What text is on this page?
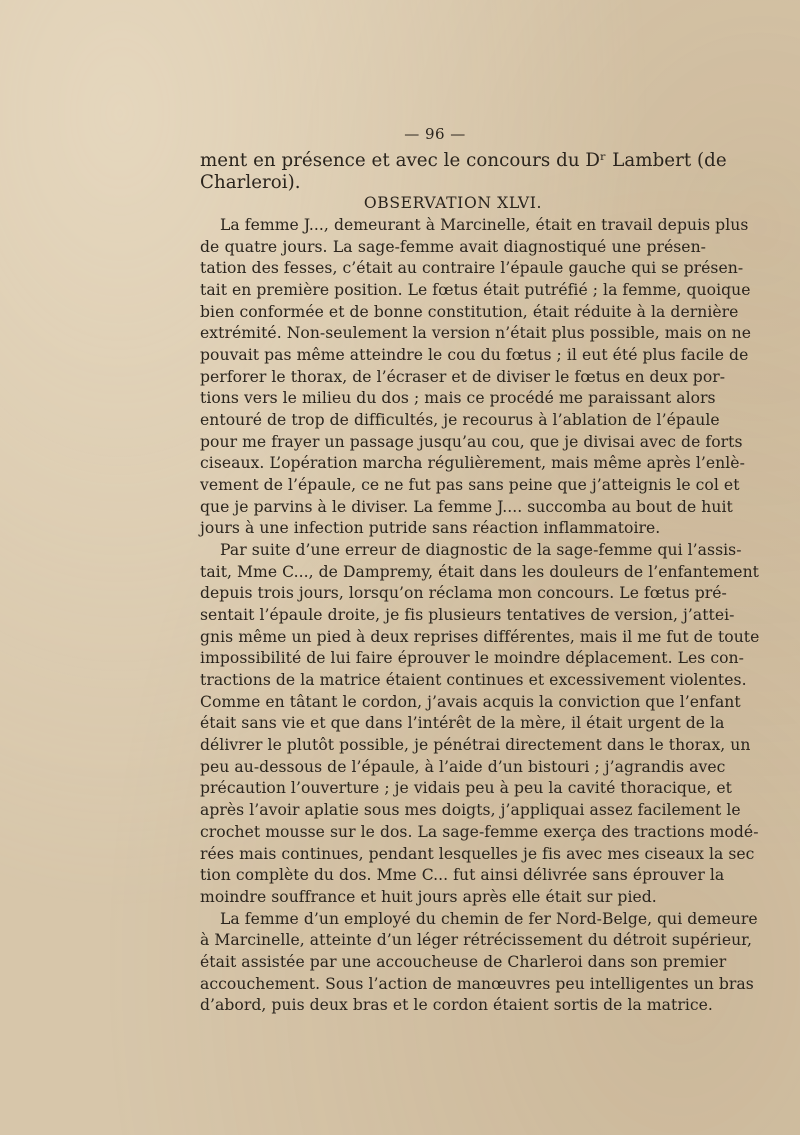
— 96 —
ment en présence et avec le concours du Dʳ Lambert (de
Charleroi).
OBSERVATION XLVI.
La femme J..., demeurant à Marcinelle, était en travail depuis plus
de quatre jours. La sage-femme avait diagnostiqué une présen-
tation des fesses, c’était au contraire l’épaule gauche qui se présen-
tait en première position. Le fœtus était putréfié ; la femme, quoique
bien conformée et de bonne constitution, était réduite à la dernière
extrémité. Non-seulement la version n’était plus possible, mais on ne
pouvait pas même atteindre le cou du fœtus ; il eut été plus facile de
perforer le thorax, de l’écraser et de diviser le fœtus en deux por-
tions vers le milieu du dos ; mais ce procédé me paraissant alors
entouré de trop de difficultés, je recourus à l’ablation de l’épaule
pour me frayer un passage jusqu’au cou, que je divisai avec de forts
ciseaux. L’opération marcha régulièrement, mais même après l’enlè-
vement de l’épaule, ce ne fut pas sans peine que j’atteignis le col et
que je parvins à le diviser. La femme J.... succomba au bout de huit
jours à une infection putride sans réaction inflammatoire.
Par suite d’une erreur de diagnostic de la sage-femme qui l’assis-
tait, Mme C..., de Dampremy, était dans les douleurs de l’enfantement
depuis trois jours, lorsqu’on réclama mon concours. Le fœtus pré-
sentait l’épaule droite, je fis plusieurs tentatives de version, j’attei-
gnis même un pied à deux reprises différentes, mais il me fut de toute
impossibilité de lui faire éprouver le moindre déplacement. Les con-
tractions de la matrice étaient continues et excessivement violentes.
Comme en tâtant le cordon, j’avais acquis la conviction que l’enfant
était sans vie et que dans l’intérêt de la mère, il était urgent de la
délivrer le plutôt possible, je pénétrai directement dans le thorax, un
peu au-dessous de l’épaule, à l’aide d’un bistouri ; j’agrandis avec
précaution l’ouverture ; je vidais peu à peu la cavité thoracique, et
après l’avoir aplatie sous mes doigts, j’appliquai assez facilement le
crochet mousse sur le dos. La sage-femme exerça des tractions modé-
rées mais continues, pendant lesquelles je fis avec mes ciseaux la sec
tion complète du dos. Mme C... fut ainsi délivrée sans éprouver la
moindre souffrance et huit jours après elle était sur pied.
La femme d’un employé du chemin de fer Nord-Belge, qui demeure
à Marcinelle, atteinte d’un léger rétrécissement du détroit supérieur,
était assistée par une accoucheuse de Charleroi dans son premier
accouchement. Sous l’action de manœuvres peu intelligentes un bras
d’abord, puis deux bras et le cordon étaient sortis de la matrice.
